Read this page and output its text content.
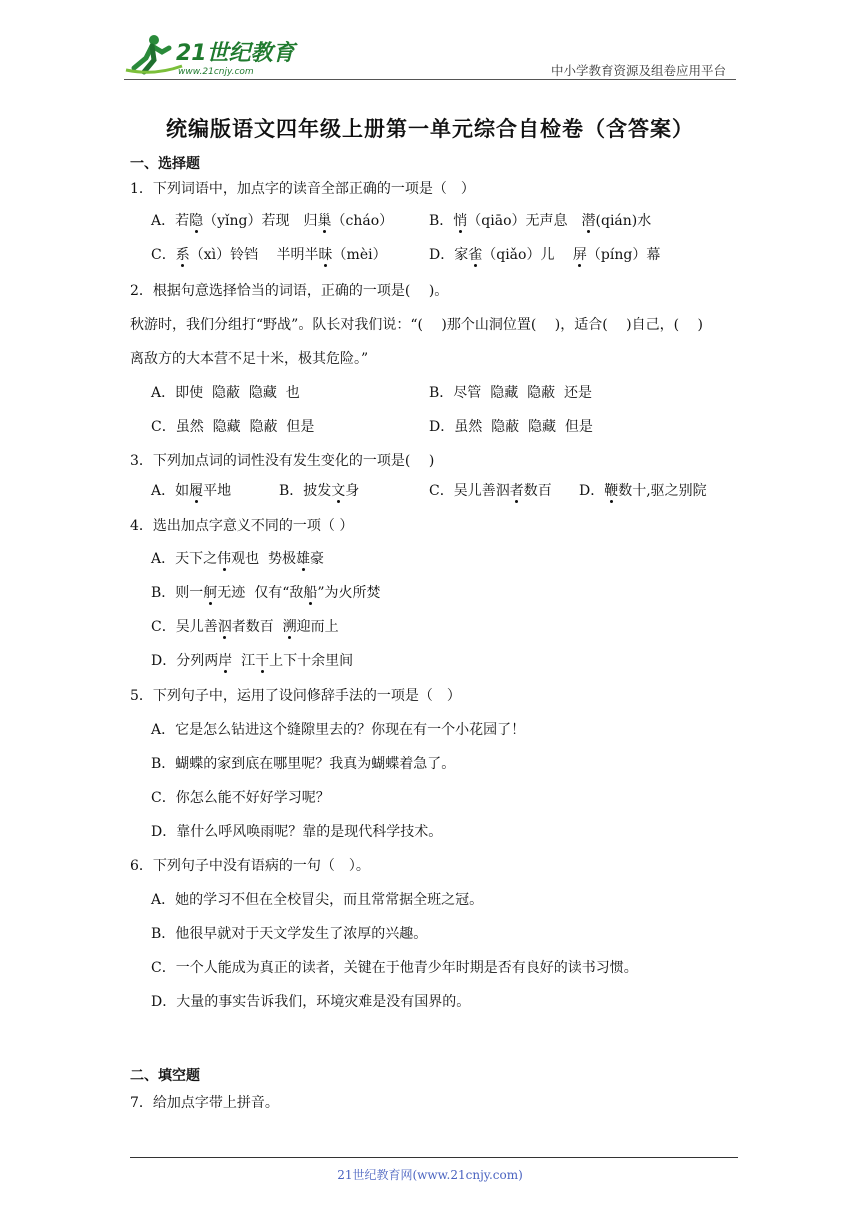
21世纪教育
www.21cnjy.com	中小学教育资源及组卷应用平台
统编版语文四年级上册第一单元综合自检卷（含答案）
一、选择题
1．下列词语中，加点字的读音全部正确的一项是（　）
A．若隐（yǐng）若现　归巢（cháo）	B．悄（qiāo）无声息　潜(qián)水
C．系（xì）铃铛　 半明半昧（mèi）	D．家雀（qiǎo）儿　 屏（píng）幕
2．根据句意选择恰当的词语，正确的一项是(　 )。
秋游时，我们分组打“野战”。队长对我们说：“(　 )那个山洞位置(　 )，适合(　 )自己，(　 )
离敌方的大本营不足十米，极其危险。”
A．即使  隐蔽  隐藏  也	B．尽管  隐藏  隐蔽  还是
C．虽然  隐藏  隐蔽  但是	D．虽然  隐蔽  隐藏  但是
3．下列加点词的词性没有发生变化的一项是(　 )
A．如履平地	B．披发文身	C．吴儿善泅者数百 D．鞭数十,驱之别院
4．选出加点字意义不同的一项（ ）
A．天下之伟观也  势极雄豪
B．则一舸无迹  仅有“敌船”为火所焚
C．吴儿善泅者数百  溯迎而上
D．分列两岸  江干上下十余里间
5．下列句子中，运用了设问修辞手法的一项是（　）
A．它是怎么钻进这个缝隙里去的？你现在有一个小花园了！
B．蝴蝶的家到底在哪里呢？我真为蝴蝶着急了。
C．你怎么能不好好学习呢？
D．靠什么呼风唤雨呢？靠的是现代科学技术。
6．下列句子中没有语病的一句（　）。
A．她的学习不但在全校冒尖，而且常常据全班之冠。
B．他很早就对于天文学发生了浓厚的兴趣。
C．一个人能成为真正的读者，关键在于他青少年时期是否有良好的读书习惯。
D．大量的事实告诉我们，环境灾难是没有国界的。
二、填空题
7．给加点字带上拼音。
21世纪教育网(www.21cnjy.com)
